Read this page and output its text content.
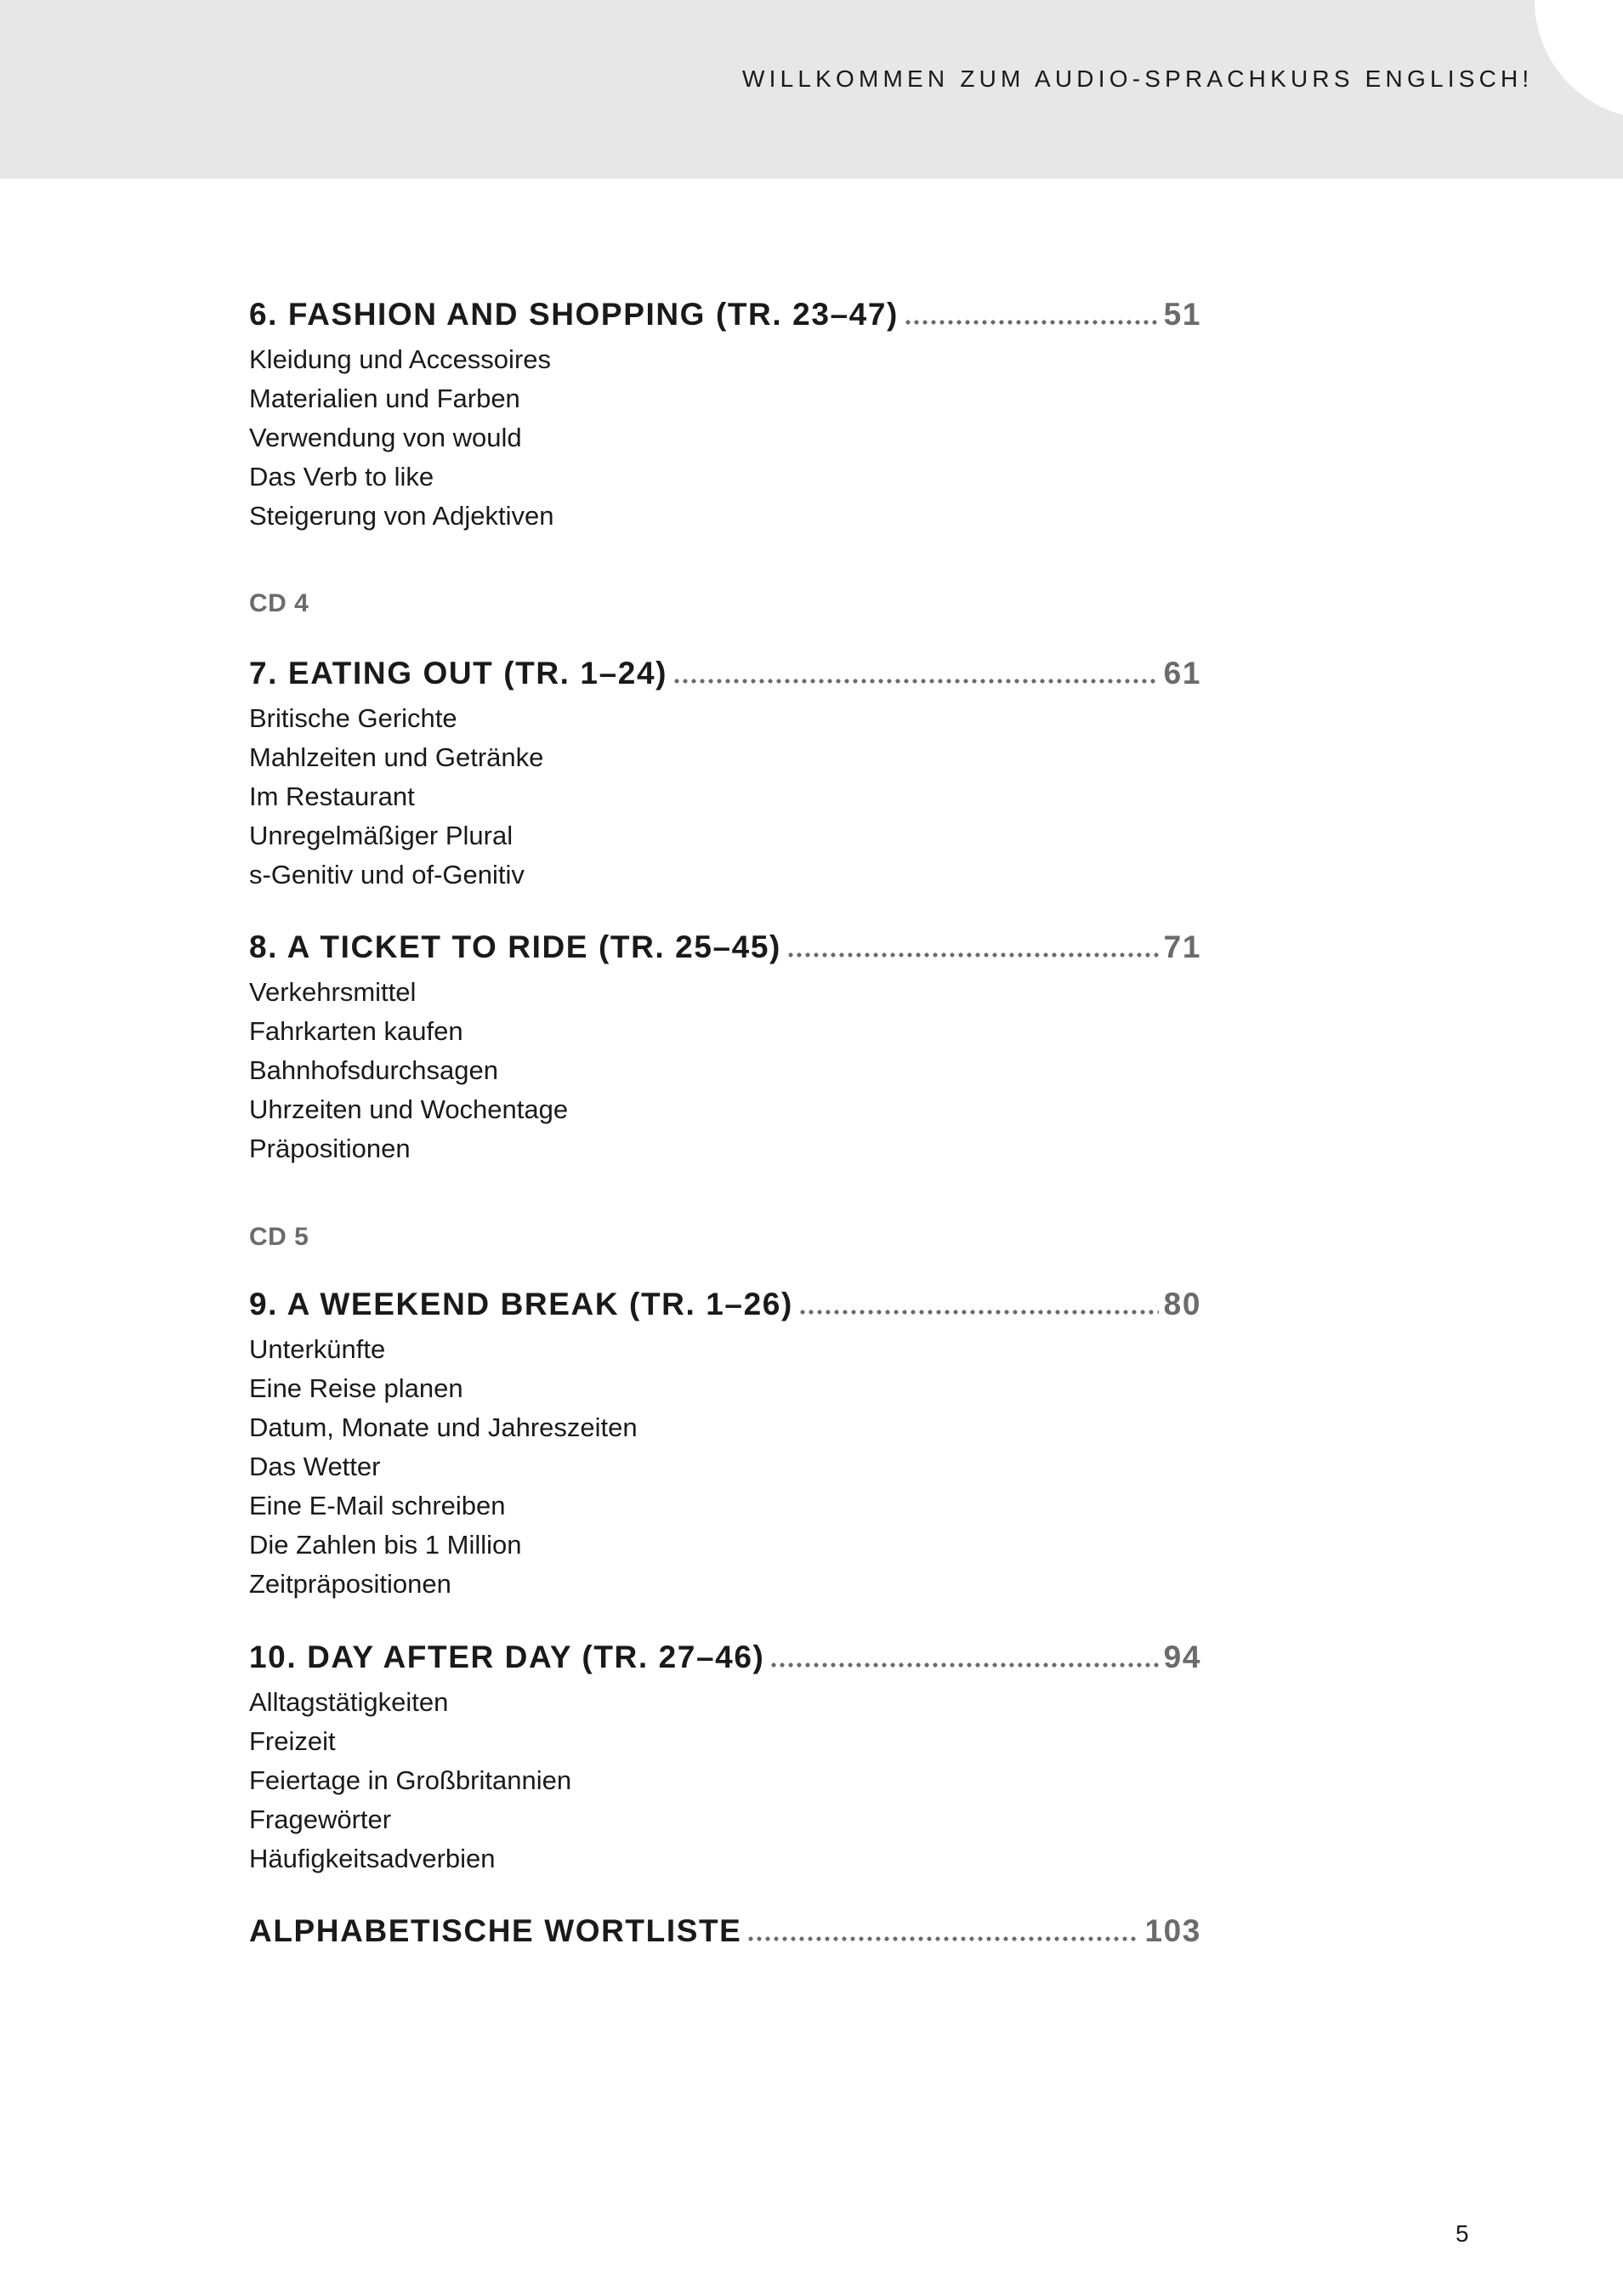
WILLKOMMEN ZUM AUDIO-SPRACHKURS ENGLISCH!
6. FASHION AND SHOPPING (TR. 23–47)	51
Kleidung und Accessoires
Materialien und Farben
Verwendung von would
Das Verb to like
Steigerung von Adjektiven
CD 4
7. EATING OUT (TR. 1–24)	61
Britische Gerichte
Mahlzeiten und Getränke
Im Restaurant
Unregelmäßiger Plural
s-Genitiv und of-Genitiv
8. A TICKET TO RIDE (TR. 25–45)	71
Verkehrsmittel
Fahrkarten kaufen
Bahnhofsdurchsagen
Uhrzeiten und Wochentage
Präpositionen
CD 5
9. A WEEKEND BREAK (TR. 1–26)	80
Unterkünfte
Eine Reise planen
Datum, Monate und Jahreszeiten
Das Wetter
Eine E-Mail schreiben
Die Zahlen bis 1 Million
Zeitpräpositionen
10. DAY AFTER DAY (TR. 27–46)	94
Alltagstätigkeiten
Freizeit
Feiertage in Großbritannien
Fragewörter
Häufigkeitsadverbien
ALPHABETISCHE WORTLISTE	103
5
